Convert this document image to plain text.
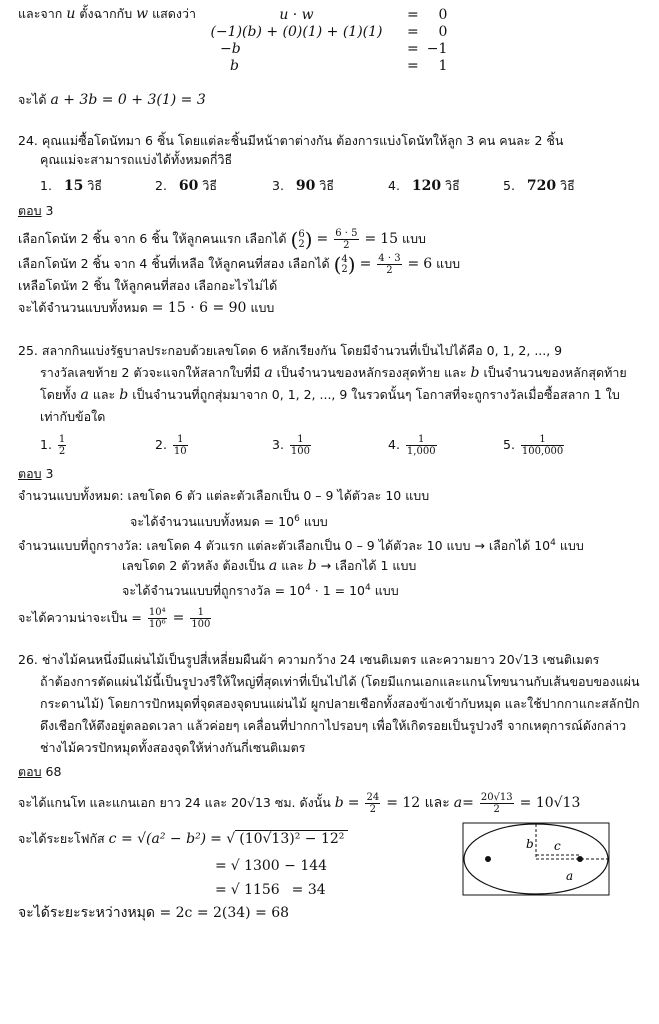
และจาก u ตั้งฉากกับ w แสดงว่า	u · w	=	0
(−1)(b) + (0)(1) + (1)(1)	=	0
−b	=	−1
b	=	1
จะได้ a + 3b = 0 + 3(1) = 3
24. คุณแม่ซื้อโดนัทมา 6 ชิ้น โดยแต่ละชิ้นมีหน้าตาต่างกัน ต้องการแบ่งโดนัทให้ลูก 3 คน คนละ 2 ชิ้น
คุณแม่จะสามารถแบ่งได้ทั้งหมดกี่วิธี
1. 15 วิธี	2. 60 วิธี	3. 90 วิธี	4. 120 วิธี	5. 720 วิธี
ตอบ 3
เลือกโดนัท 2 ชิ้น จาก 6 ชิ้น ให้ลูกคนแรก เลือกได้ ( 6
2 ) = $\frac{6 \cdot 5}{2} = 15$ แบบ
เลือกโดนัท 2 ชิ้น จาก 4 ชิ้นที่เหลือ ให้ลูกคนที่สอง เลือกได้ ( 4
2 ) = $\frac{4 \cdot 3}{2} = 6$ แบบ
เหลือโดนัท 2 ชิ้น ให้ลูกคนที่สอง เลือกอะไรไม่ได้
จะได้จำนวนแบบทั้งหมด = 15 · 6 = 90 แบบ
25. สลากกินแบ่งรัฐบาลประกอบด้วยเลขโดด 6 หลักเรียงกัน โดยมีจำนวนที่เป็นไปได้คือ 0, 1, 2, ..., 9
รางวัลเลขท้าย 2 ตัวจะแจกให้สลากใบที่มี a เป็นจำนวนของหลักรองสุดท้าย และ b เป็นจำนวนของหลักสุดท้าย
โดยทั้ง a และ b เป็นจำนวนที่ถูกสุ่มมาจาก 0, 1, 2, ..., 9 ในรวดนั้นๆ โอกาสที่จะถูกรางวัลเมื่อซื้อสลาก 1 ใบ
เท่ากับข้อใด
1. $\frac{1}{2}$	2. $\frac{1}{10}$	3. $\frac{1}{100}$	4. $\frac{1}{1,000}$	5. $\frac{1}{100,000}$
ตอบ 3
จำนวนแบบทั้งหมด: เลขโดด 6 ตัว แต่ละตัวเลือกเป็น 0 – 9 ได้ตัวละ 10 แบบ
จะได้จำนวนแบบทั้งหมด = $10^6$ แบบ
จำนวนแบบที่ถูกรางวัล: เลขโดด 4 ตัวแรก แต่ละตัวเลือกเป็น 0 – 9 ได้ตัวละ 10 แบบ → เลือกได้ $10^4$ แบบ
เลขโดด 2 ตัวหลัง ต้องเป็น a และ b → เลือกได้ 1 แบบ
จะได้จำนวนแบบที่ถูกรางวัล = $10^4 \cdot 1 = 10^4$ แบบ
จะได้ความน่าจะเป็น = $\frac{\text{10⁴}}{\text{10⁶}} = \frac{1}{100}$
26. ช่างไม้คนหนึ่งมีแผ่นไม้เป็นรูปสี่เหลี่ยมผืนผ้า ความกว้าง 24 เซนติเมตร และความยาว 20√13 เซนติเมตร
ถ้าต้องการตัดแผ่นไม้นี้เป็นรูปวงรีให้ใหญ่ที่สุดเท่าที่เป็นไปได้ (โดยมีแกนเอกและแกนโทขนานกับเส้นขอบของแผ่น
กระดานไม้) โดยการปักหมุดที่จุดสองจุดบนแผ่นไม้ ผูกปลายเชือกทั้งสองข้างเข้ากับหมุด และใช้ปากกาแกะสลักปัก
ดึงเชือกให้ตึงอยู่ตลอดเวลา แล้วค่อยๆ เคลื่อนที่ปากกาไปรอบๆ เพื่อให้เกิดรอยเป็นรูปวงรี จากเหตุการณ์ดังกล่าว
ช่างไม้ควรปักหมุดทั้งสองจุดให้ห่างกันกี่เซนติเมตร
ตอบ 68
จะได้แกนโท และแกนเอก ยาว 24 และ 20√13 ซม. ดังนั้น $b = \frac{24}{2} = 12$ และ $a= \frac{20√13}{2} = 10√13$
จะได้ระยะโฟกัส c = √(a² − b²) = √ (10√13)² − 12²
= √ 1300 − 144
= √ 1156 = 34
จะได้ระยะระหว่างหมุด = 2c = 2(34) = 68
b c
a
